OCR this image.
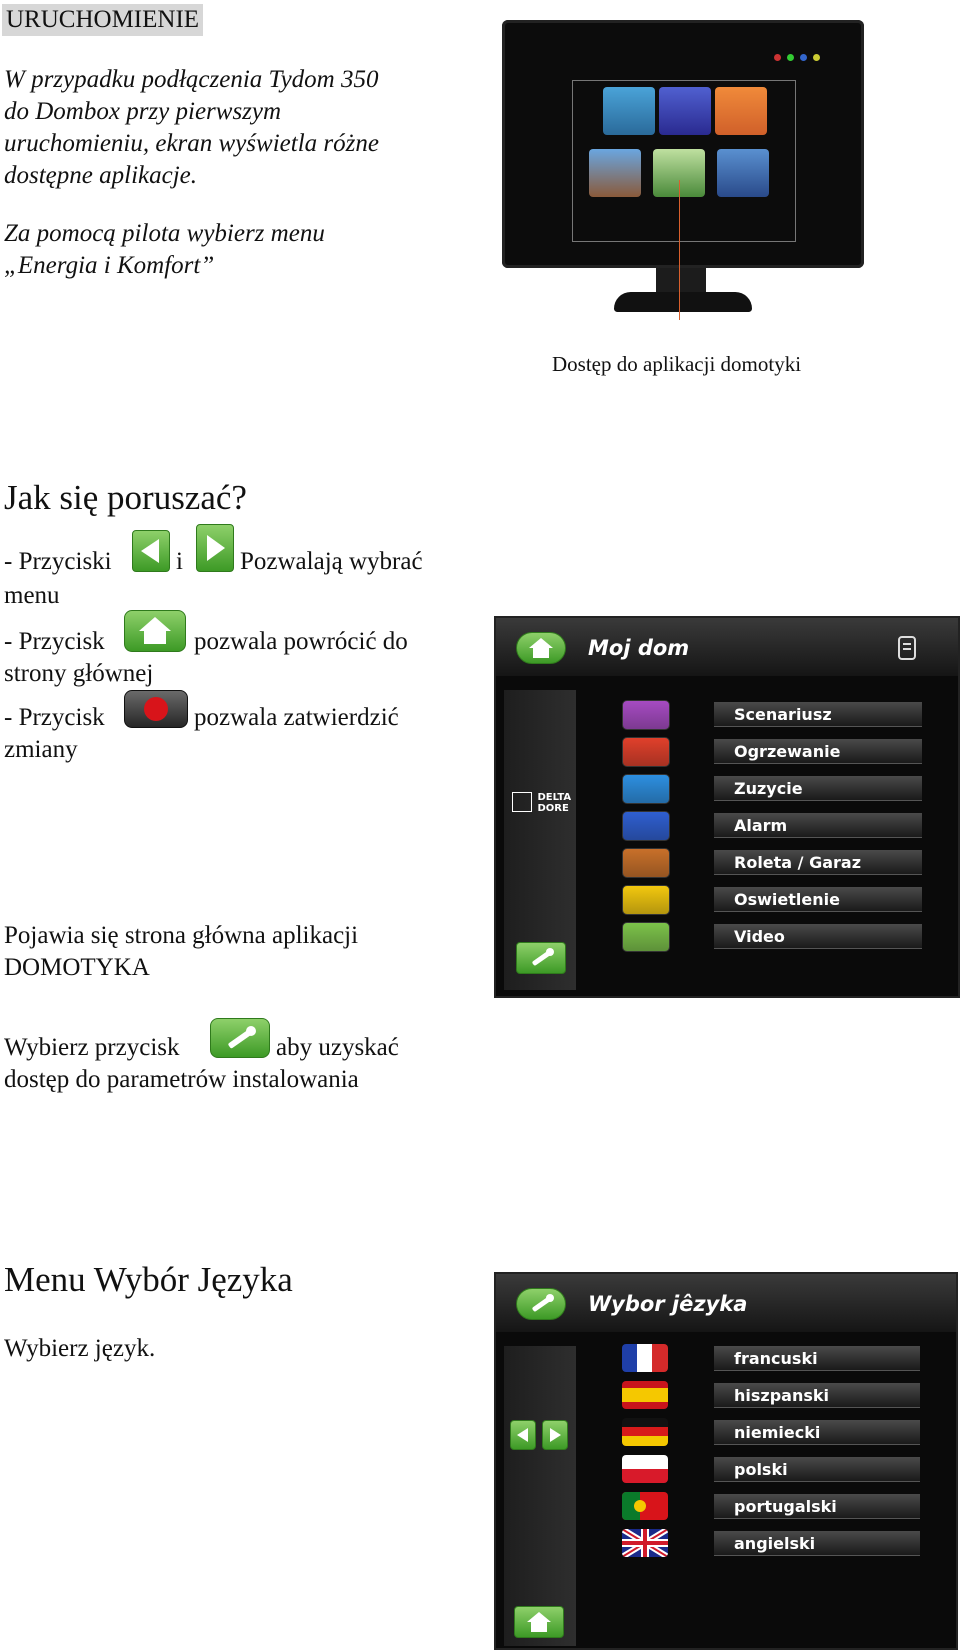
URUCHOMIENIE
W przypadku podłączenia Tydom 350
do Dombox przy pierwszym
uruchomieniu, ekran wyświetla różne
dostępne aplikacje.
Za pomocą pilota wybierz menu
„Energia i Komfort”
Dostęp do aplikacji domotyki
Jak się poruszać?
- Przyciski	i Pozwalają wybrać
menu
- Przycisk	pozwala powrócić do
strony głównej
- Przycisk	pozwala zatwierdzić
zmiany
Pojawia się strona główna aplikacji
DOMOTYKA
Wybierz przycisk	aby uzyskać
dostęp do parametrów instalowania
Moj dom
DELTA
DORE
Scenariusz
Ogrzewanie
Zuzycie
Alarm
Roleta / Garaz
Oswietlenie
Video
Menu Wybór Języka
Wybierz język.
Wybor jêzyka
francuski
hiszpanski
niemiecki
polski
portugalski
angielski
